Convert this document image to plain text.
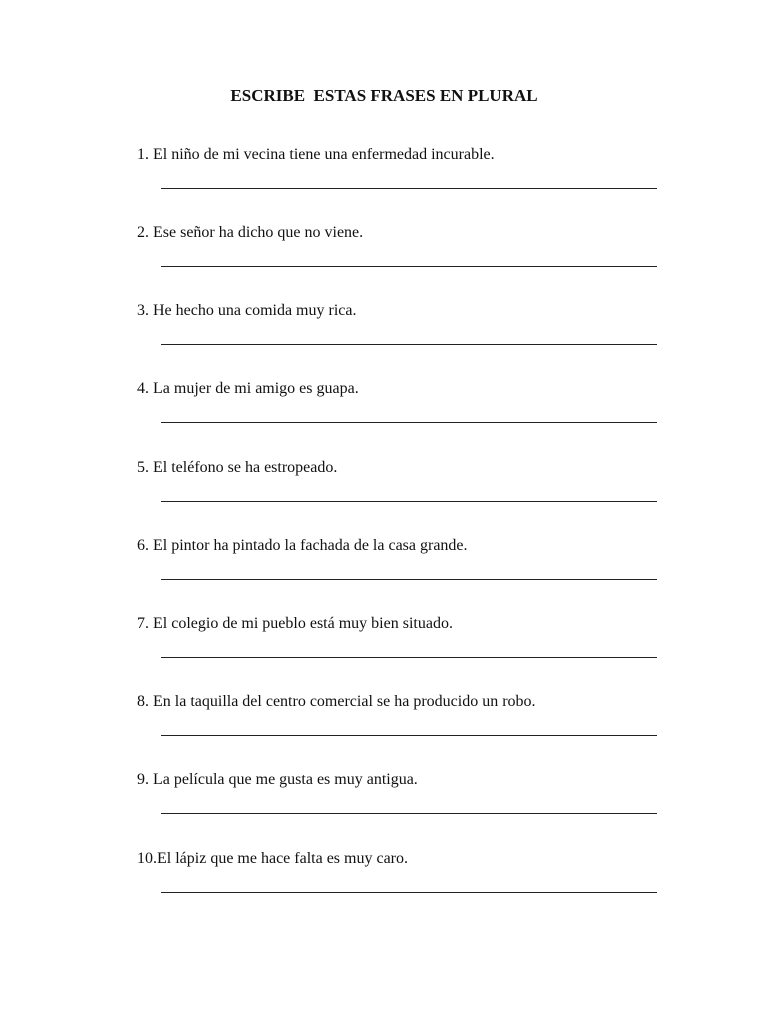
ESCRIBE  ESTAS FRASES EN PLURAL
1. El niño de mi vecina tiene una enfermedad incurable.
2. Ese señor ha dicho que no viene.
3. He hecho una comida muy rica.
4. La mujer de mi amigo es guapa.
5. El teléfono se ha estropeado.
6. El pintor ha pintado la fachada de la casa grande.
7. El colegio de mi pueblo está muy bien situado.
8. En la taquilla del centro comercial se ha producido un robo.
9. La película que me gusta es muy antigua.
10.El lápiz que me hace falta es muy caro.
